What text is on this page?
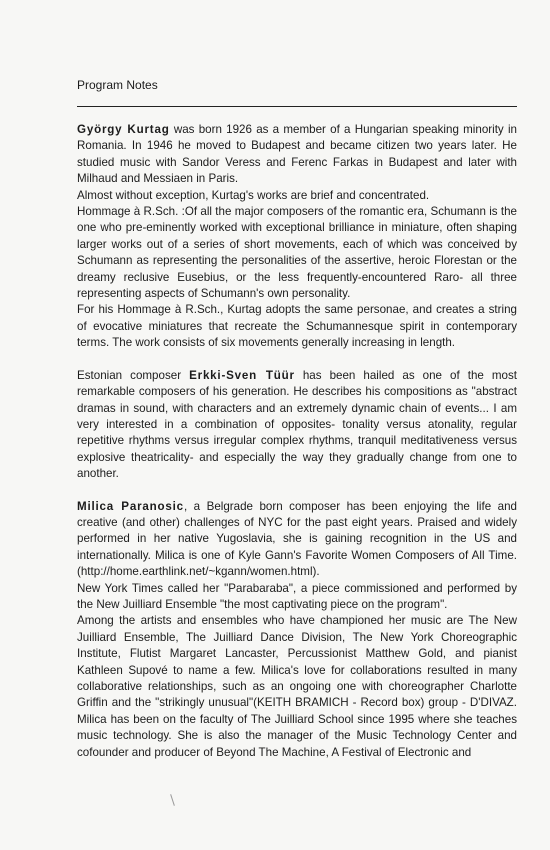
Program Notes

György Kurtag was born 1926 as a member of a Hungarian speaking minority in Romania. In 1946 he moved to Budapest and became citizen two years later. He studied music with Sandor Veress and Ferenc Farkas in Budapest and later with Milhaud and Messiaen in Paris.

Almost without exception, Kurtag's works are brief and concentrated.

Hommage à R.Sch. :Of all the major composers of the romantic era, Schumann is the one who pre-eminently worked with exceptional brilliance in miniature, often shaping larger works out of a series of short movements, each of which was conceived by Schumann as representing the personalities of the assertive, heroic Florestan or the dreamy reclusive Eusebius, or the less frequently-encountered Raro- all three representing aspects of Schumann's own personality.

For his Hommage à R.Sch., Kurtag adopts the same personae, and creates a string of evocative miniatures that recreate the Schumannesque spirit in contemporary terms. The work consists of six movements generally increasing in length.

Estonian composer Erkki-Sven Tüür has been hailed as one of the most remarkable composers of his generation. He describes his compositions as "abstract dramas in sound, with characters and an extremely dynamic chain of events... I am very interested in a combination of opposites- tonality versus atonality, regular repetitive rhythms versus irregular complex rhythms, tranquil meditativeness versus explosive theatricality- and especially the way they gradually change from one to another.

Milica Paranosic, a Belgrade born composer has been enjoying the life and creative (and other) challenges of NYC for the past eight years. Praised and widely performed in her native Yugoslavia, she is gaining recognition in the US and internationally. Milica is one of Kyle Gann's Favorite Women Composers of All Time. (http://home.earthlink.net/~kgann/women.html).

New York Times called her "Parabaraba", a piece commissioned and performed by the New Juilliard Ensemble "the most captivating piece on the program".

Among the artists and ensembles who have championed her music are The New Juilliard Ensemble, The Juilliard Dance Division, The New York Choreographic Institute, Flutist Margaret Lancaster, Percussionist Matthew Gold, and pianist Kathleen Supové to name a few. Milica's love for collaborations resulted in many collaborative relationships, such as an ongoing one with choreographer Charlotte Griffin and the "strikingly unusual"(KEITH BRAMICH - Record box) group - D'DIVAZ. Milica has been on the faculty of The Juilliard School since 1995 where she teaches music technology. She is also the manager of the Music Technology Center and cofounder and producer of Beyond The Machine, A Festival of Electronic and
